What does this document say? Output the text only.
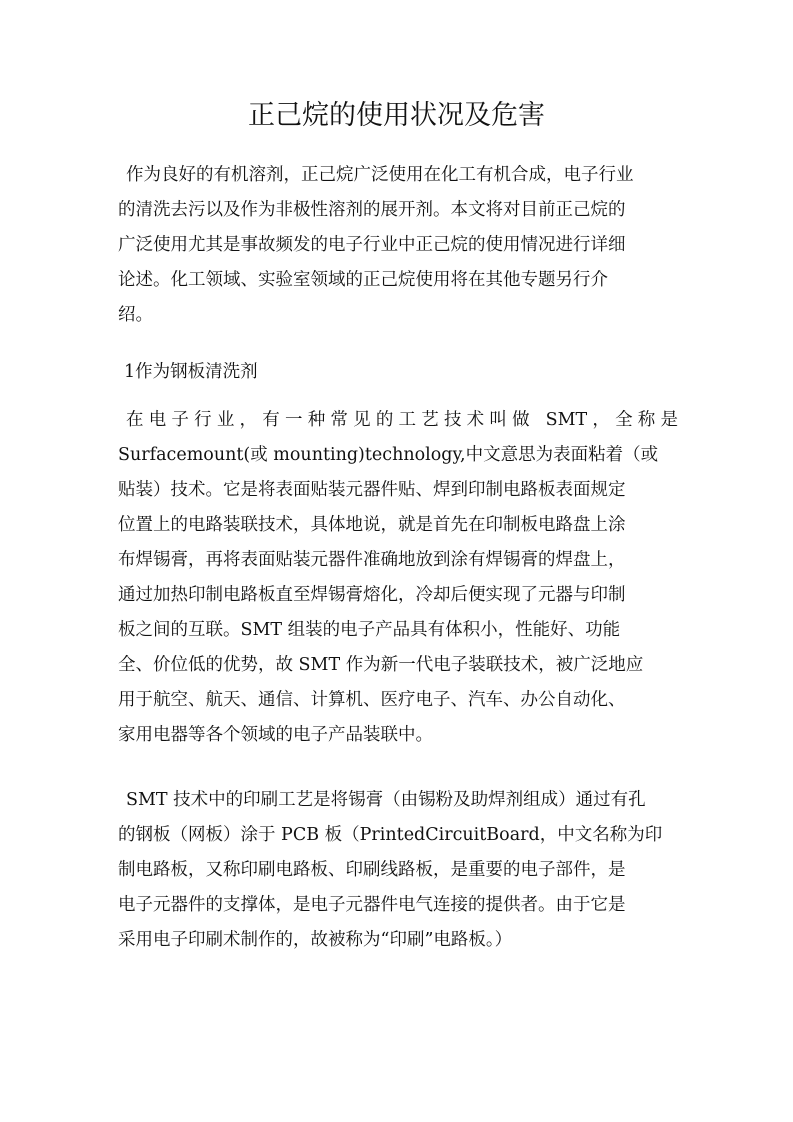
正己烷的使用状况及危害
作为良好的有机溶剂，正己烷广泛使用在化工有机合成，电子行业
的清洗去污以及作为非极性溶剂的展开剂。本文将对目前正己烷的
广泛使用尤其是事故频发的电子行业中正己烷的使用情况进行详细
论述。化工领域、实验室领域的正己烷使用将在其他专题另行介
绍。
1作为钢板清洗剂
在电子行业，有一种常见的工艺技术叫做 SMT，全称是
Surfacemount(或 mounting)technology,中文意思为表面粘着（或
贴装）技术。它是将表面贴装元器件贴、焊到印制电路板表面规定
位置上的电路装联技术，具体地说，就是首先在印制板电路盘上涂
布焊锡膏，再将表面贴装元器件准确地放到涂有焊锡膏的焊盘上，
通过加热印制电路板直至焊锡膏熔化，冷却后便实现了元器与印制
板之间的互联。SMT 组装的电子产品具有体积小，性能好、功能
全、价位低的优势，故 SMT 作为新一代电子装联技术，被广泛地应
用于航空、航天、通信、计算机、医疗电子、汽车、办公自动化、
家用电器等各个领域的电子产品装联中。
SMT 技术中的印刷工艺是将锡膏（由锡粉及助焊剂组成）通过有孔
的钢板（网板）涂于 PCB 板（PrintedCircuitBoard，中文名称为印
制电路板，又称印刷电路板、印刷线路板，是重要的电子部件，是
电子元器件的支撑体，是电子元器件电气连接的提供者。由于它是
采用电子印刷术制作的，故被称为“印刷”电路板。）
